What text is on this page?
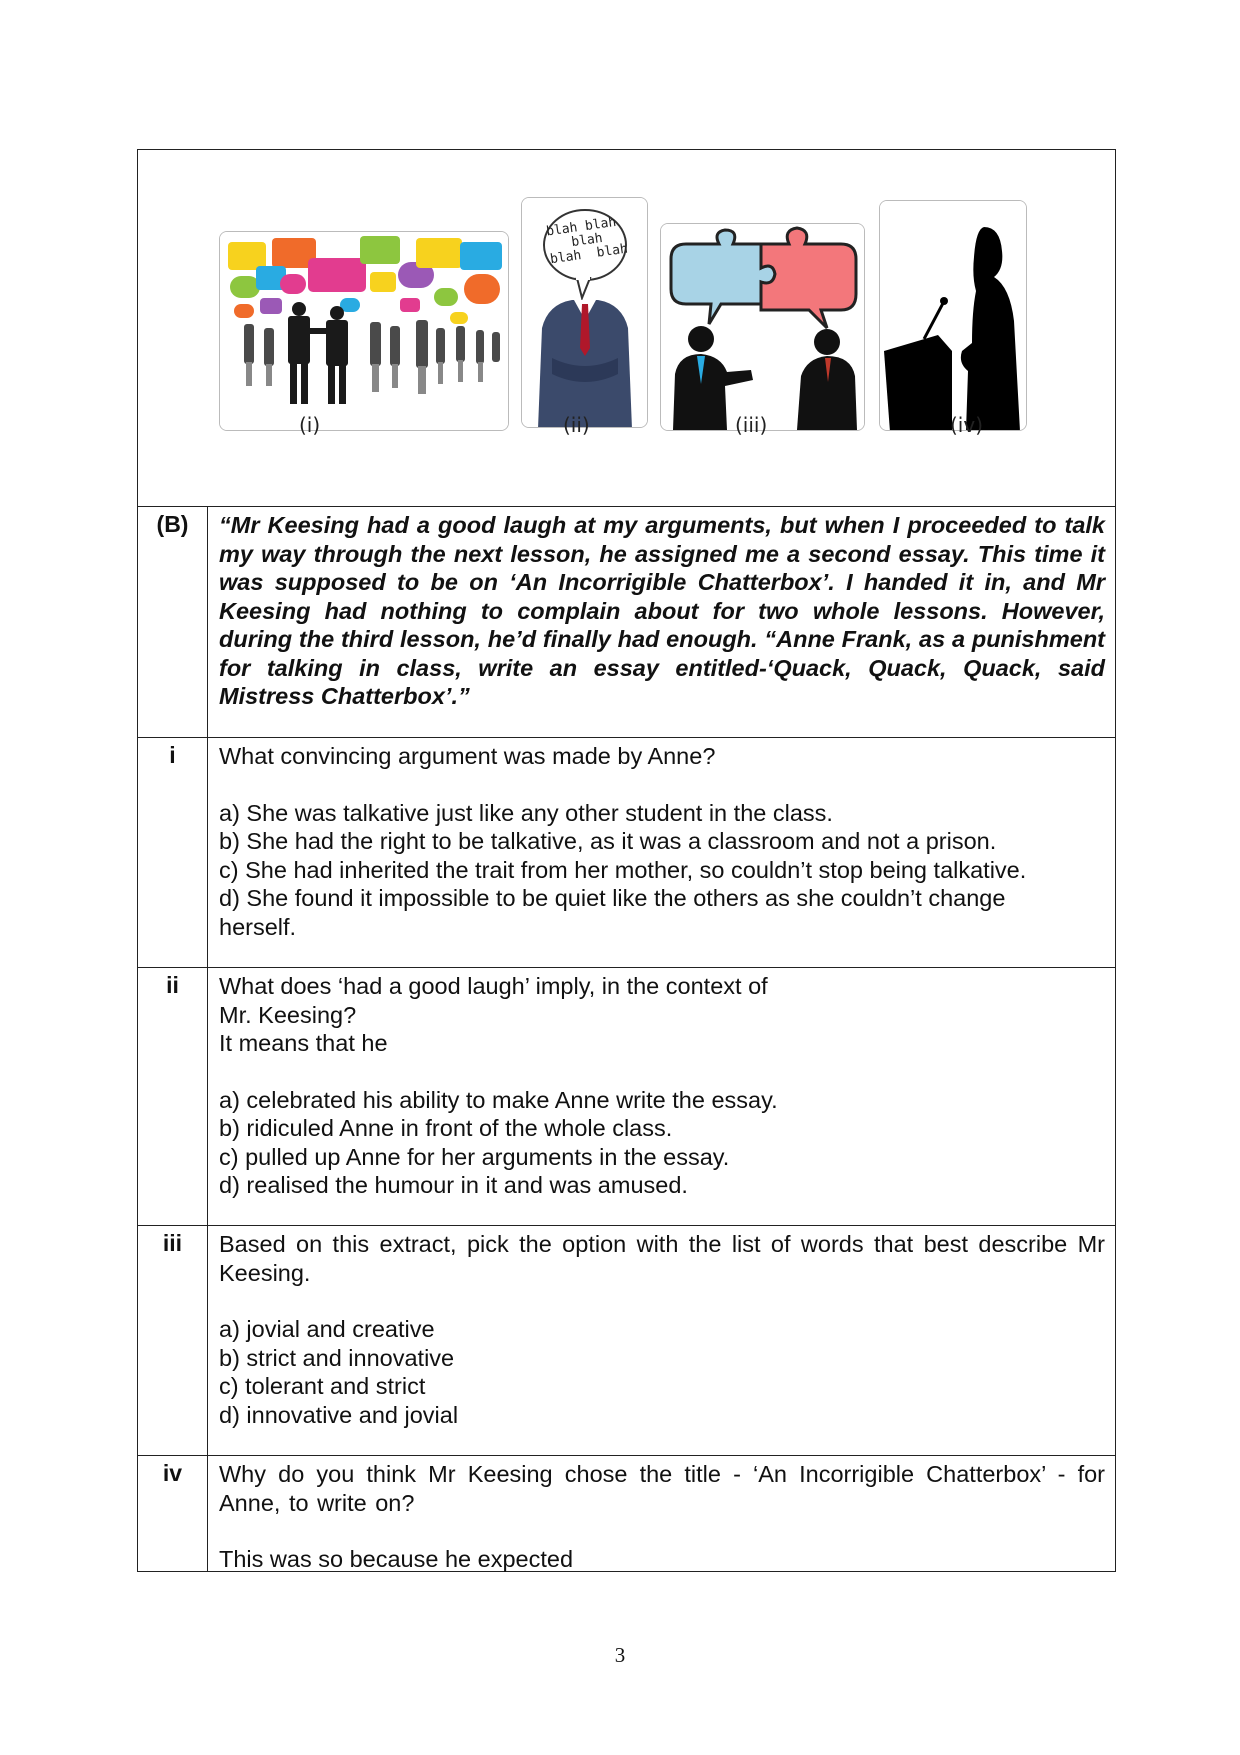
blah blah
blah
blah blah
(i)	(ii)	(iii)	(iv)
(B)	“Mr Keesing had a good laugh at my arguments, but when I proceeded to talk my way through the next lesson, he assigned me a second essay. This time it was supposed to be on ‘An Incorrigible Chatterbox’. I handed it in, and Mr Keesing had nothing to complain about for two whole lessons. However, during the third lesson, he’d finally had enough. “Anne Frank, as a punishment for talking in class, write an essay entitled-‘Quack, Quack, Quack, said Mistress Chatterbox’.”
i	What convincing argument was made by Anne?
a) She was talkative just like any other student in the class.
b) She had the right to be talkative, as it was a classroom and not a prison.
c) She had inherited the trait from her mother, so couldn’t stop being talkative.
d) She found it impossible to be quiet like the others as she couldn’t change herself.
ii	What does ‘had a good laugh’ imply, in the context of
Mr. Keesing?
It means that he
a) celebrated his ability to make Anne write the essay.
b) ridiculed Anne in front of the whole class.
c) pulled up Anne for her arguments in the essay.
d) realised the humour in it and was amused.
iii	Based on this extract, pick the option with the list of words that best describe Mr Keesing.
a) jovial and creative
b) strict and innovative
c) tolerant and strict
d) innovative and jovial
iv	Why do you think Mr Keesing chose the title - ‘An Incorrigible Chatterbox’ - for Anne, to write on?
This was so because he expected
3
